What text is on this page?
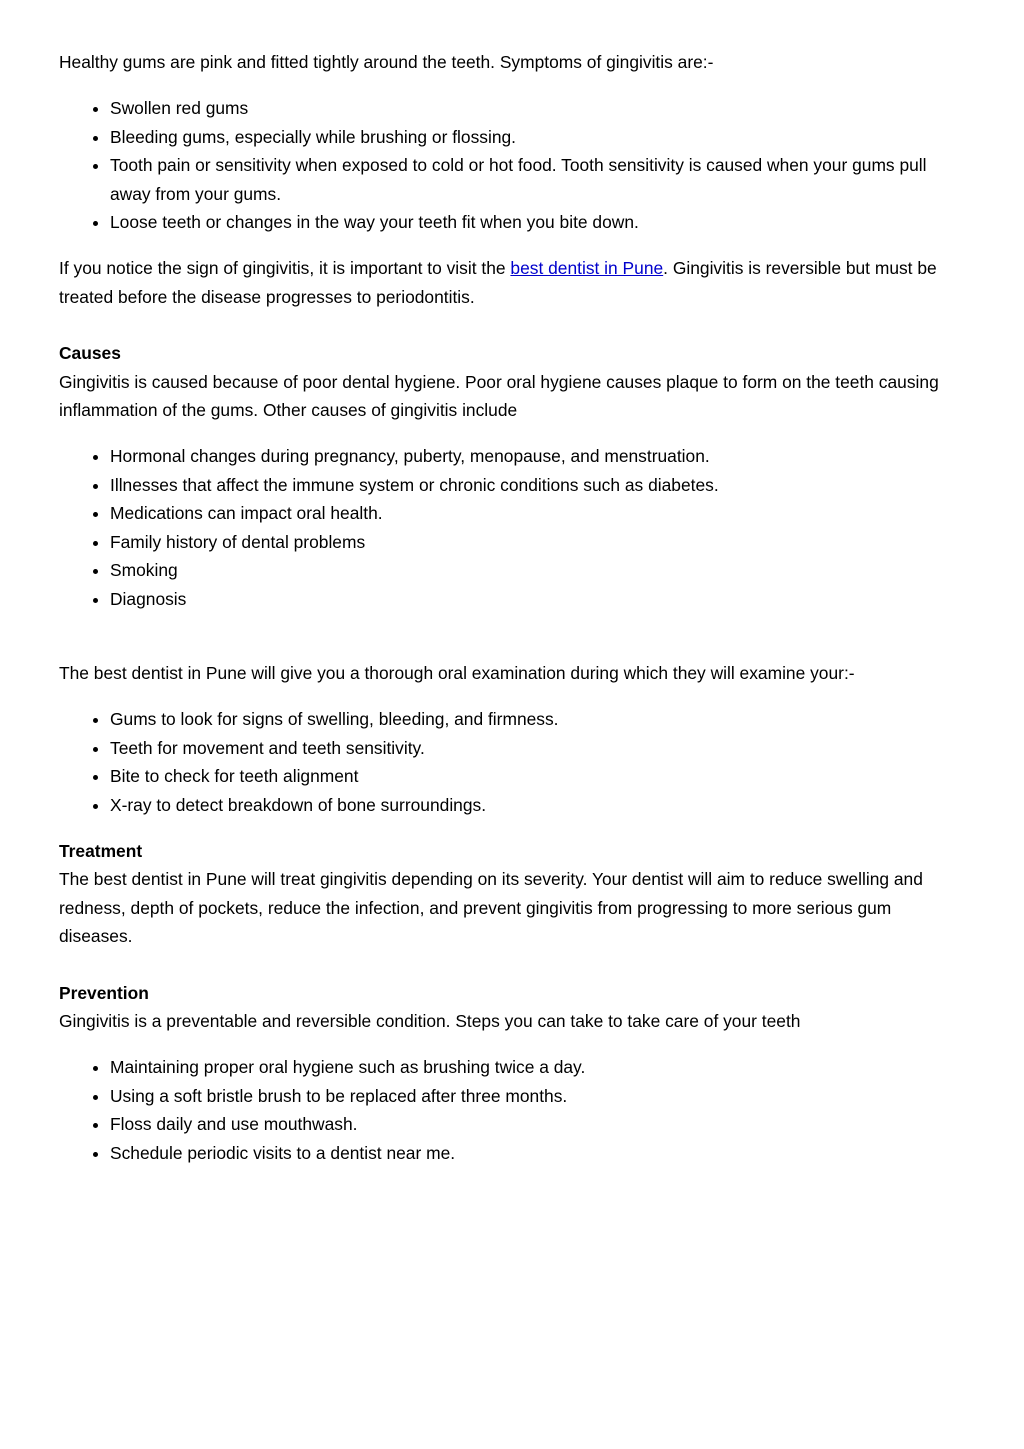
Healthy gums are pink and fitted tightly around the teeth. Symptoms of gingivitis are:-

• Swollen red gums
• Bleeding gums, especially while brushing or flossing.
• Tooth pain or sensitivity when exposed to cold or hot food. Tooth sensitivity is caused when your gums pull away from your gums.
• Loose teeth or changes in the way your teeth fit when you bite down.

If you notice the sign of gingivitis, it is important to visit the best dentist in Pune. Gingivitis is reversible but must be treated before the disease progresses to periodontitis.

Causes

Gingivitis is caused because of poor dental hygiene. Poor oral hygiene causes plaque to form on the teeth causing inflammation of the gums. Other causes of gingivitis include

• Hormonal changes during pregnancy, puberty, menopause, and menstruation.
• Illnesses that affect the immune system or chronic conditions such as diabetes.
• Medications can impact oral health.
• Family history of dental problems
• Smoking
• Diagnosis

The best dentist in Pune will give you a thorough oral examination during which they will examine your:-

• Gums to look for signs of swelling, bleeding, and firmness.
• Teeth for movement and teeth sensitivity.
• Bite to check for teeth alignment
• X-ray to detect breakdown of bone surroundings.

Treatment

The best dentist in Pune will treat gingivitis depending on its severity. Your dentist will aim to reduce swelling and redness, depth of pockets, reduce the infection, and prevent gingivitis from progressing to more serious gum diseases.

Prevention

Gingivitis is a preventable and reversible condition. Steps you can take to take care of your teeth

• Maintaining proper oral hygiene such as brushing twice a day.
• Using a soft bristle brush to be replaced after three months.
• Floss daily and use mouthwash.
• Schedule periodic visits to a dentist near me.
